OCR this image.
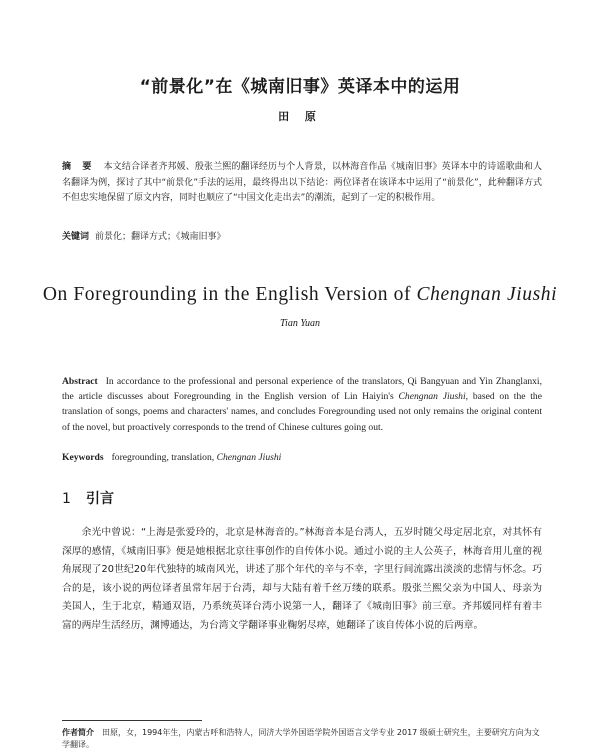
“前景化”在《城南旧事》英译本中的运用
田 原
摘 要 本文结合译者齐邦媛、殷张兰熙的翻译经历与个人背景，以林海音作品《城南旧事》英译本中的诗谣歌曲和人名翻译为例，探讨了其中“前景化”手法的运用，最终得出以下结论：两位译者在该译本中运用了“前景化”，此种翻译方式不但忠实地保留了原文内容，同时也顺应了“中国文化走出去”的潮流，起到了一定的积极作用。
关键词 前景化；翻译方式；《城南旧事》
On Foregrounding in the English Version of Chengnan Jiushi
Tian Yuan
Abstract In accordance to the professional and personal experience of the translators, Qi Bangyuan and Yin Zhanglanxi, the article discusses about Foregrounding in the English version of Lin Haiyin's Chengnan Jiushi, based on the the translation of songs, poems and characters' names, and concludes Foregrounding used not only remains the original content of the novel, but proactively corresponds to the trend of Chinese cultures going out.
Keywords foregrounding, translation, Chengnan Jiushi
1 引言

余光中曾说：“上海是张爱玲的，北京是林海音的。”林海音本是台湾人，五岁时随父母定居北京，对其怀有深厚的感情，《城南旧事》便是她根据北京往事创作的自传体小说。通过小说的主人公英子，林海音用儿童的视角展现了20世纪20年代独特的城南风光，讲述了那个年代的辛与不幸，字里行间流露出淡淡的悲情与怀念。巧合的是，该小说的两位译者虽常年居于台湾，却与大陆有着千丝万缕的联系。殷张兰熙父亲为中国人、母亲为美国人，生于北京，精通双语，乃系统英译台湾小说第一人，翻译了《城南旧事》前三章。齐邦媛同样有着丰富的两岸生活经历，渊博通达，为台湾文学翻译事业鞠躬尽瘁，她翻译了该自传体小说的后两章。

作者简介 田原，女，1994年生，内蒙古呼和浩特人，同济大学外国语学院外国语言文学专业 2017 级硕士研究生，主要研究方向为文学翻译。
